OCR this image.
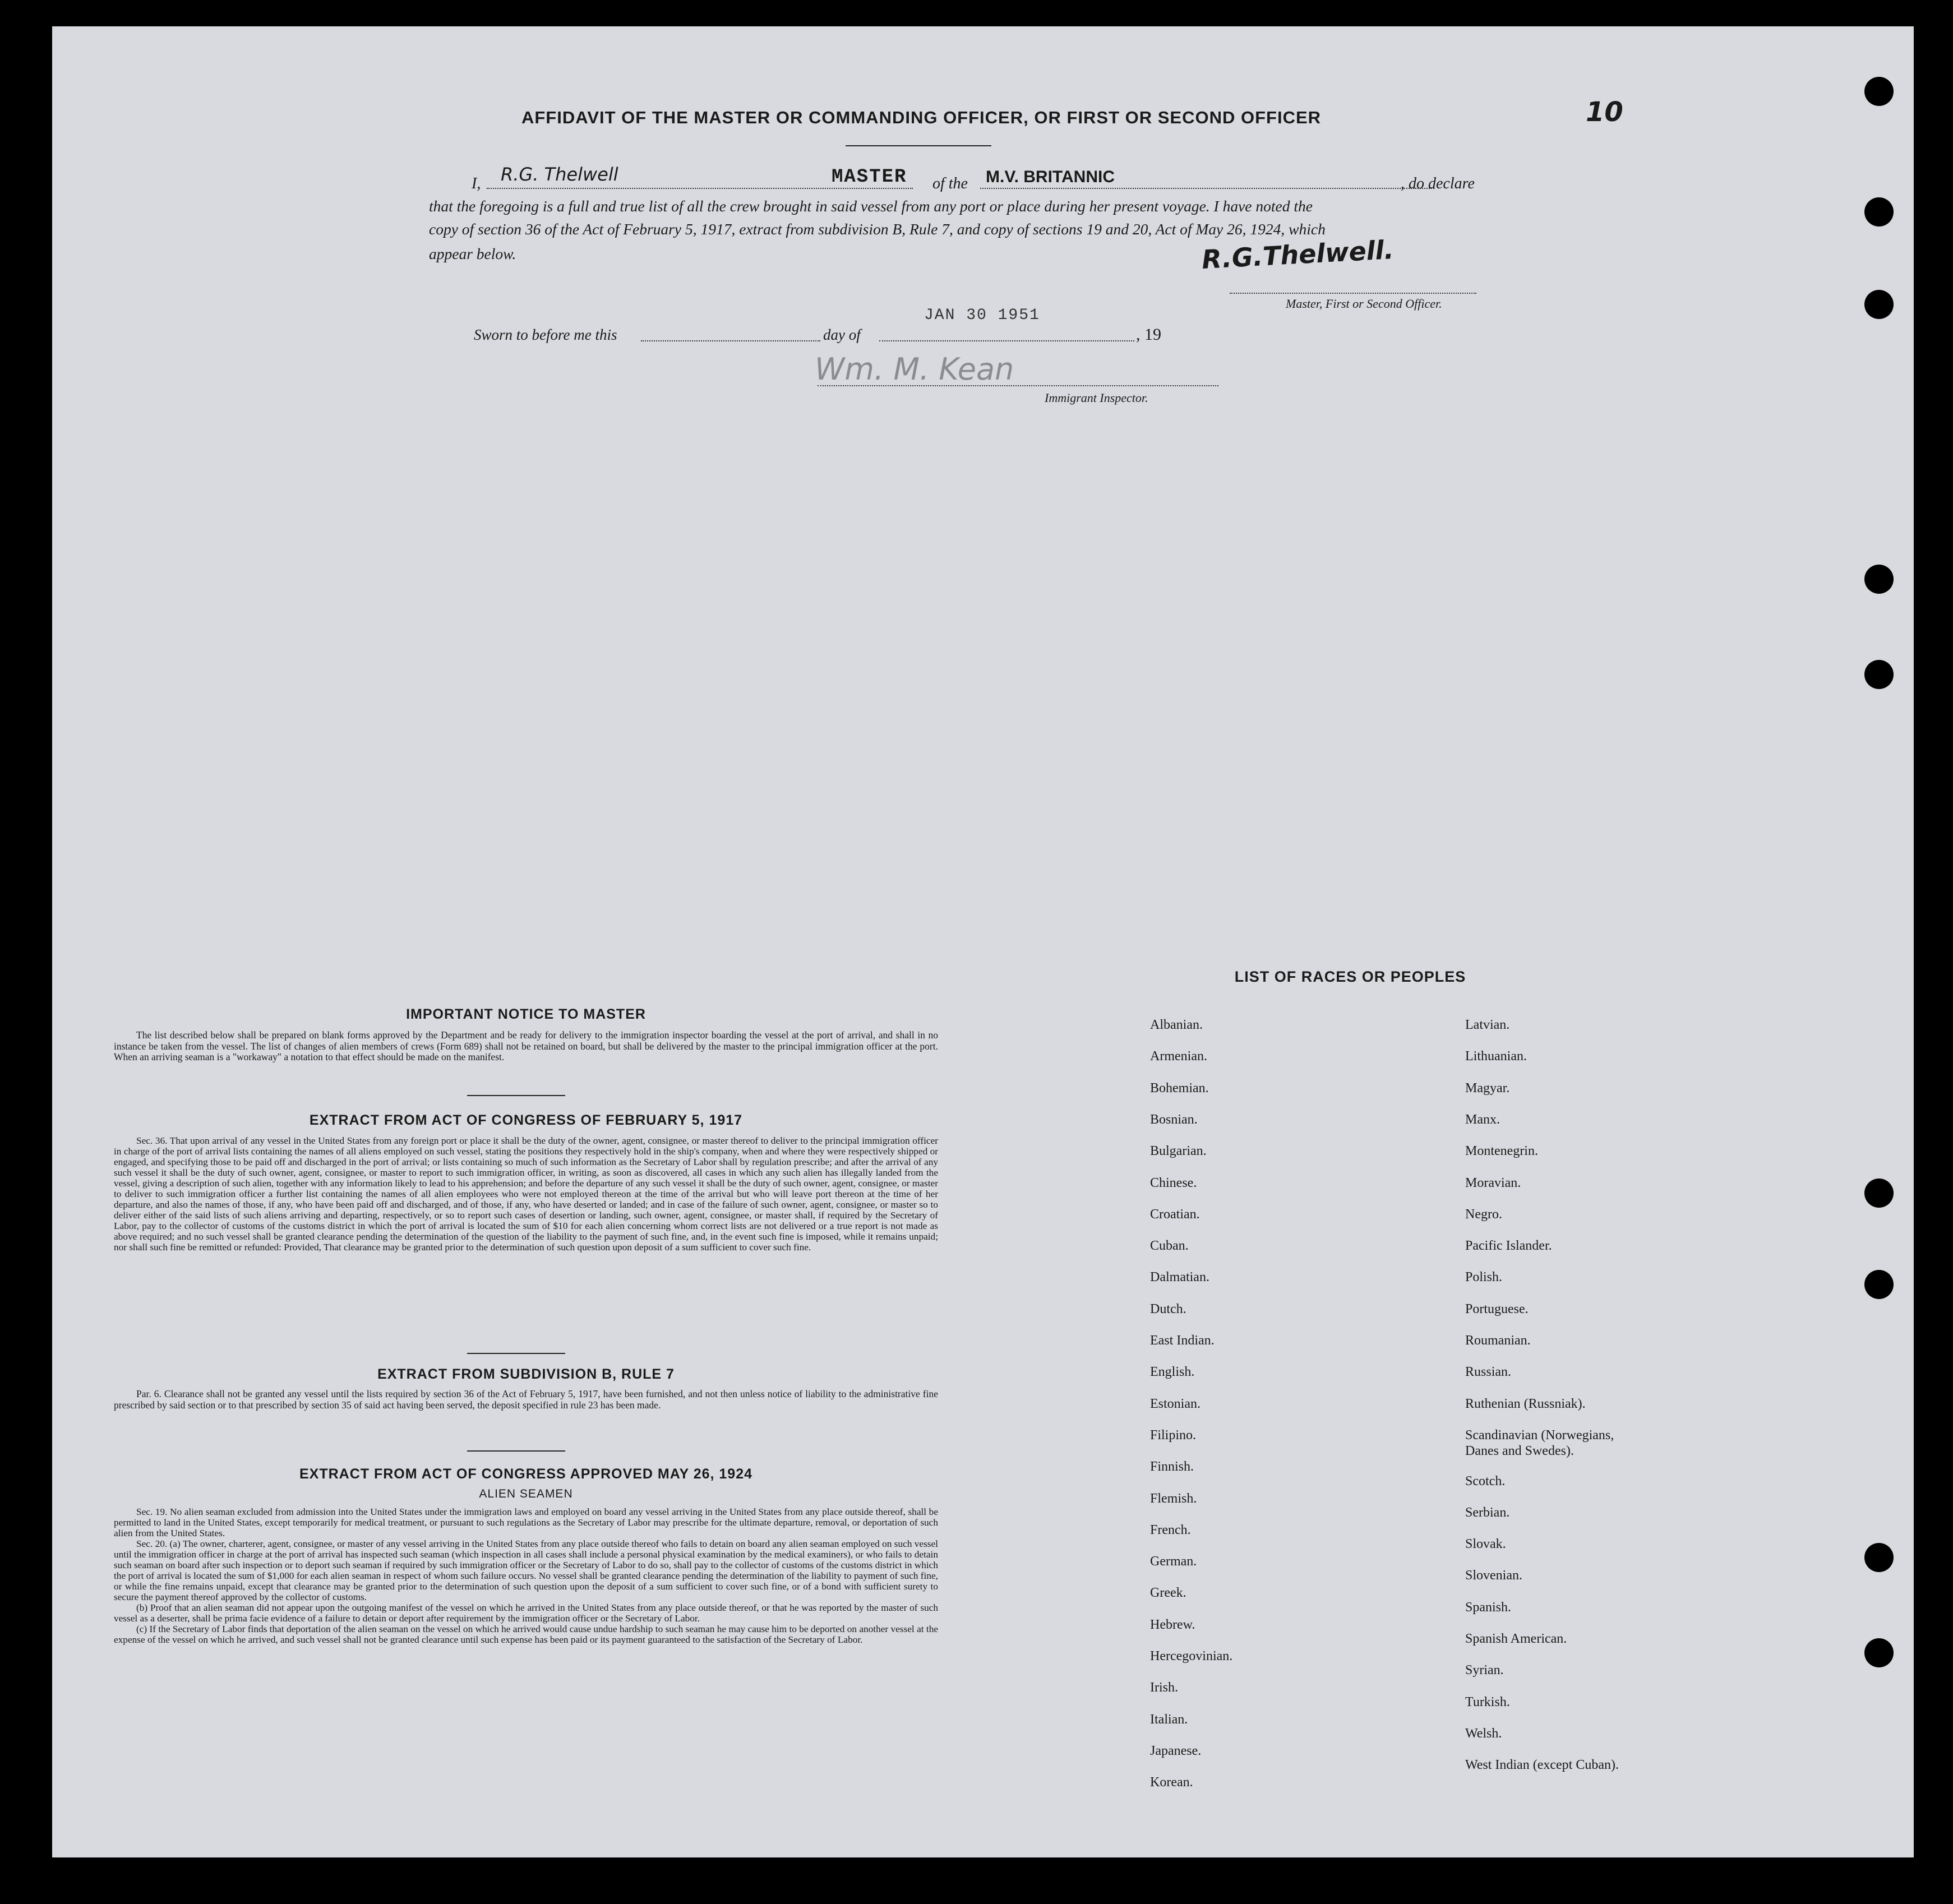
10
AFFIDAVIT OF THE MASTER OR COMMANDING OFFICER, OR FIRST OR SECOND OFFICER
I, R.G. Thelwell	MASTER of the M.V. BRITANNIC	, do declare
that the foregoing is a full and true list of all the crew brought in said vessel from any port or place during her present voyage. I have noted the
copy of section 36 of the Act of February 5, 1917, extract from subdivision B, Rule 7, and copy of sections 19 and 20, Act of May 26, 1924, which
appear below.	R.G.Thelwell.
Master, First or Second Officer.
Sworn to before me this	day of
JAN 30 1951
, 19
Wm. M. Kean
Immigrant Inspector.
IMPORTANT NOTICE TO MASTER
The list described below shall be prepared on blank forms approved by the Department and be ready for delivery to the immigration inspector boarding the vessel at the port of arrival, and shall in no instance be taken from the vessel. The list of changes of alien members of crews (Form 689) shall not be retained on board, but shall be delivered by the master to the principal immigration officer at the port. When an arriving seaman is a "workaway" a notation to that effect should be made on the manifest.
EXTRACT FROM ACT OF CONGRESS OF FEBRUARY 5, 1917
Sec. 36. That upon arrival of any vessel in the United States from any foreign port or place it shall be the duty of the owner, agent, consignee, or master thereof to deliver to the principal immigration officer in charge of the port of arrival lists containing the names of all aliens employed on such vessel, stating the positions they respectively hold in the ship's company, when and where they were respectively shipped or engaged, and specifying those to be paid off and discharged in the port of arrival; or lists containing so much of such information as the Secretary of Labor shall by regulation prescribe; and after the arrival of any such vessel it shall be the duty of such owner, agent, consignee, or master to report to such immigration officer, in writing, as soon as discovered, all cases in which any such alien has illegally landed from the vessel, giving a description of such alien, together with any information likely to lead to his apprehension; and before the departure of any such vessel it shall be the duty of such owner, agent, consignee, or master to deliver to such immigration officer a further list containing the names of all alien employees who were not employed thereon at the time of the arrival but who will leave port thereon at the time of her departure, and also the names of those, if any, who have been paid off and discharged, and of those, if any, who have deserted or landed; and in case of the failure of such owner, agent, consignee, or master so to deliver either of the said lists of such aliens arriving and departing, respectively, or so to report such cases of desertion or landing, such owner, agent, consignee, or master shall, if required by the Secretary of Labor, pay to the collector of customs of the customs district in which the port of arrival is located the sum of $10 for each alien concerning whom correct lists are not delivered or a true report is not made as above required; and no such vessel shall be granted clearance pending the determination of the question of the liability to the payment of such fine, and, in the event such fine is imposed, while it remains unpaid; nor shall such fine be remitted or refunded: Provided, That clearance may be granted prior to the determination of such question upon deposit of a sum sufficient to cover such fine.
EXTRACT FROM SUBDIVISION B, RULE 7
Par. 6. Clearance shall not be granted any vessel until the lists required by section 36 of the Act of February 5, 1917, have been furnished, and not then unless notice of liability to the administrative fine prescribed by said section or to that prescribed by section 35 of said act having been served, the deposit specified in rule 23 has been made.
EXTRACT FROM ACT OF CONGRESS APPROVED MAY 26, 1924
ALIEN SEAMEN

Sec. 19. No alien seaman excluded from admission into the United States under the immigration laws and employed on board any vessel arriving in the United States from any place outside thereof, shall be permitted to land in the United States, except temporarily for medical treatment, or pursuant to such regulations as the Secretary of Labor may prescribe for the ultimate departure, removal, or deportation of such alien from the United States.

Sec. 20. (a) The owner, charterer, agent, consignee, or master of any vessel arriving in the United States from any place outside thereof who fails to detain on board any alien seaman employed on such vessel until the immigration officer in charge at the port of arrival has inspected such seaman (which inspection in all cases shall include a personal physical examination by the medical examiners), or who fails to detain such seaman on board after such inspection or to deport such seaman if required by such immigration officer or the Secretary of Labor to do so, shall pay to the collector of customs of the customs district in which the port of arrival is located the sum of $1,000 for each alien seaman in respect of whom such failure occurs. No vessel shall be granted clearance pending the determination of the liability to payment of such fine, or while the fine remains unpaid, except that clearance may be granted prior to the determination of such question upon the deposit of a sum sufficient to cover such fine, or of a bond with sufficient surety to secure the payment thereof approved by the collector of customs.

(b) Proof that an alien seaman did not appear upon the outgoing manifest of the vessel on which he arrived in the United States from any place outside thereof, or that he was reported by the master of such vessel as a deserter, shall be prima facie evidence of a failure to detain or deport after requirement by the immigration officer or the Secretary of Labor.

(c) If the Secretary of Labor finds that deportation of the alien seaman on the vessel on which he arrived would cause undue hardship to such seaman he may cause him to be deported on another vessel at the expense of the vessel on which he arrived, and such vessel shall not be granted clearance until such expense has been paid or its payment guaranteed to the satisfaction of the Secretary of Labor.

LIST OF RACES OR PEOPLES
Albanian.
Armenian.
Bohemian.
Bosnian.
Bulgarian.
Chinese.
Croatian.
Cuban.
Dalmatian.
Dutch.
East Indian.
English.
Estonian.
Filipino.
Finnish.
Flemish.
French.
German.
Greek.
Hebrew.
Hercegovinian.
Irish.
Italian.
Japanese.
Korean.
Latvian.
Lithuanian.
Magyar.
Manx.
Montenegrin.
Moravian.
Negro.
Pacific Islander.
Polish.
Portuguese.
Roumanian.
Russian.
Ruthenian (Russniak).
Scandinavian (Norwegians,
Danes and Swedes).
Scotch.
Serbian.
Slovak.
Slovenian.
Spanish.
Spanish American.
Syrian.
Turkish.
Welsh.
West Indian (except Cuban).
